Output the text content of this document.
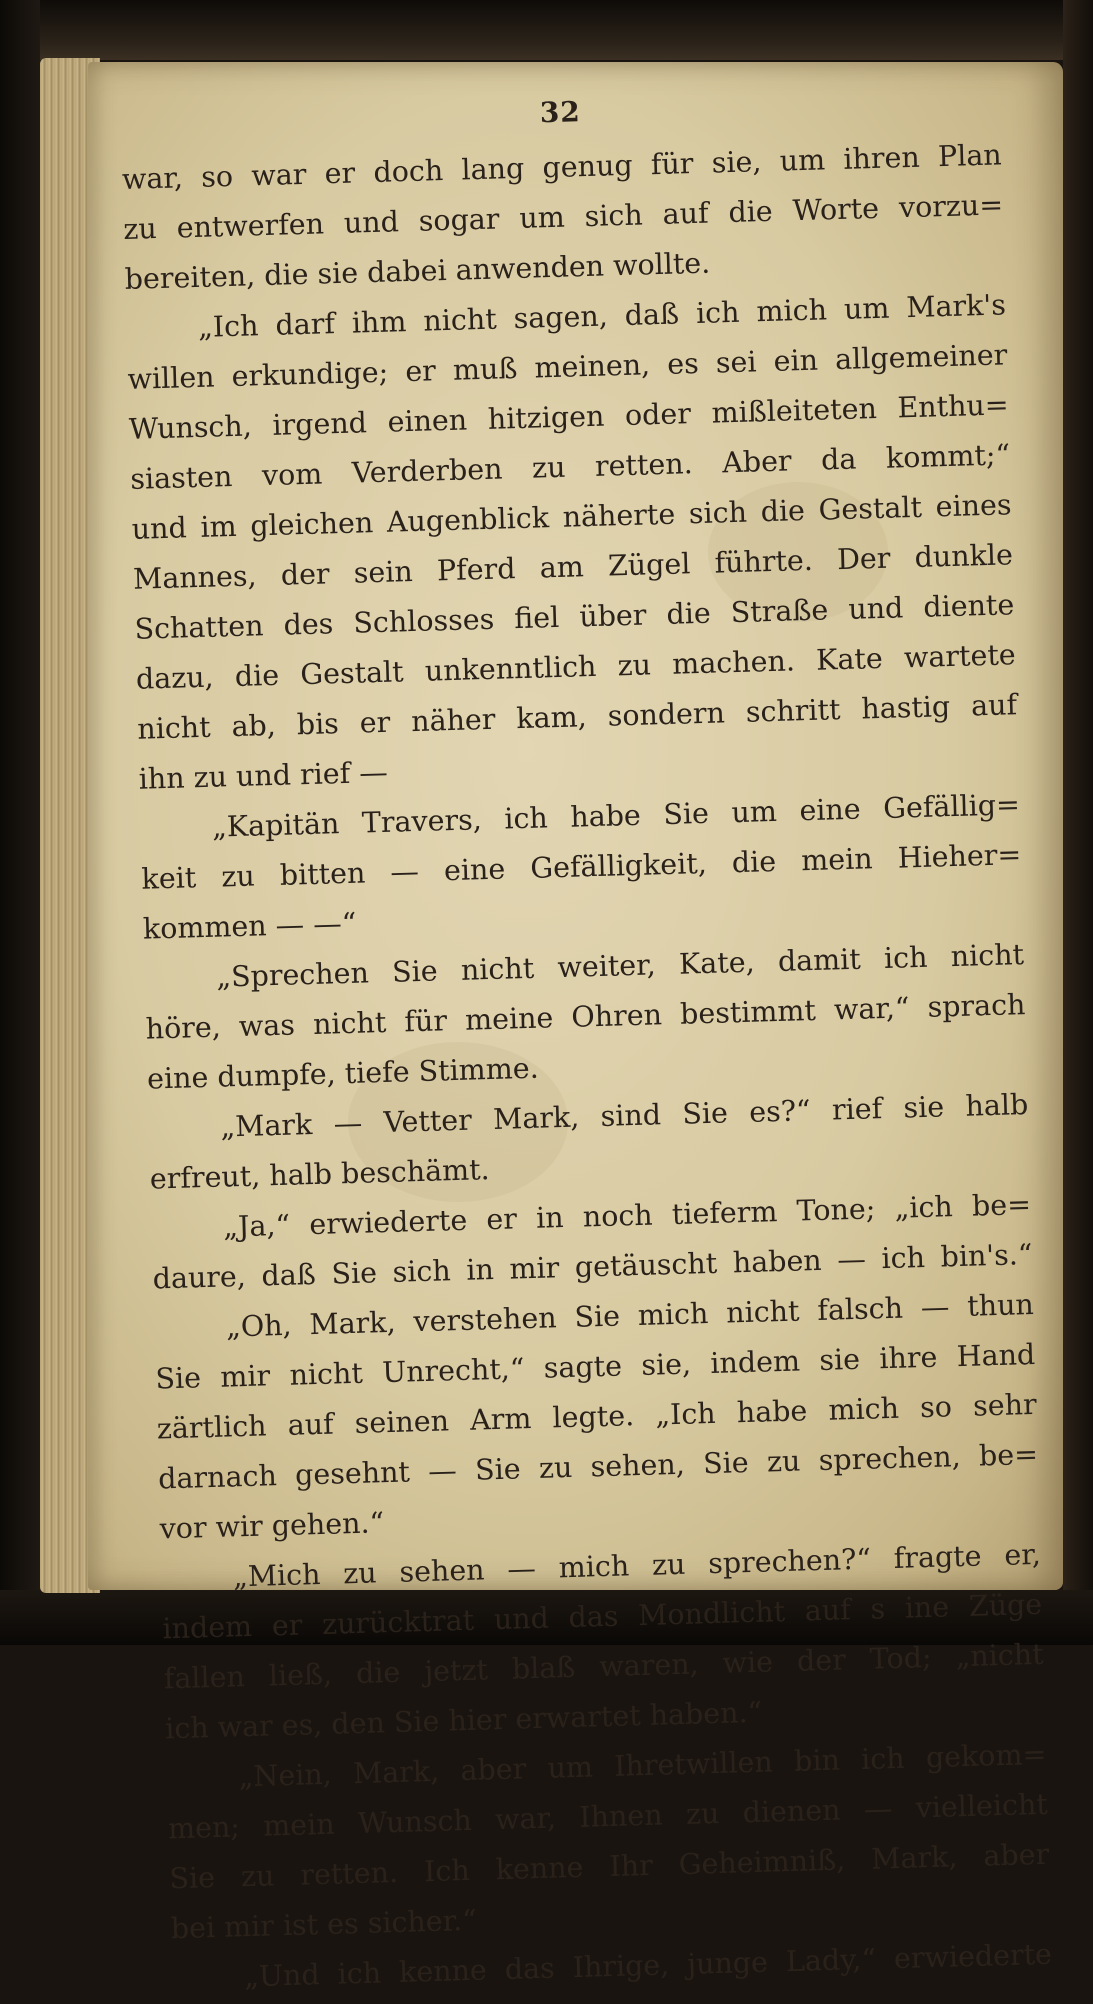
32
war, so war er doch lang genug für sie, um ihren Plan
zu entwerfen und sogar um sich auf die Worte vorzu=
bereiten, die sie dabei anwenden wollte.
„Ich darf ihm nicht sagen, daß ich mich um Mark's
willen erkundige; er muß meinen, es sei ein allgemeiner
Wunsch, irgend einen hitzigen oder mißleiteten Enthu=
siasten vom Verderben zu retten. Aber da kommt;“
und im gleichen Augenblick näherte sich die Gestalt eines
Mannes, der sein Pferd am Zügel führte. Der dunkle
Schatten des Schlosses fiel über die Straße und diente
dazu, die Gestalt unkenntlich zu machen. Kate wartete
nicht ab, bis er näher kam, sondern schritt hastig auf
ihn zu und rief —
„Kapitän Travers, ich habe Sie um eine Gefällig=
keit zu bitten — eine Gefälligkeit, die mein Hieher=
kommen — —“
„Sprechen Sie nicht weiter, Kate, damit ich nicht
höre, was nicht für meine Ohren bestimmt war,“ sprach
eine dumpfe, tiefe Stimme.
„Mark — Vetter Mark, sind Sie es?“ rief sie halb
erfreut, halb beschämt.
„Ja,“ erwiederte er in noch tieferm Tone; „ich be=
daure, daß Sie sich in mir getäuscht haben — ich bin's.“
„Oh, Mark, verstehen Sie mich nicht falsch — thun
Sie mir nicht Unrecht,“ sagte sie, indem sie ihre Hand
zärtlich auf seinen Arm legte. „Ich habe mich so sehr
darnach gesehnt — Sie zu sehen, Sie zu sprechen, be=
vor wir gehen.“
„Mich zu sehen — mich zu sprechen?“ fragte er,
indem er zurücktrat und das Mondlicht auf s ine Züge
fallen ließ, die jetzt blaß waren, wie der Tod; „nicht
ich war es, den Sie hier erwartet haben.“
„Nein, Mark, aber um Ihretwillen bin ich gekom=
men; mein Wunsch war, Ihnen zu dienen — vielleicht
Sie zu retten. Ich kenne Ihr Geheimniß, Mark, aber
bei mir ist es sicher.“
„Und ich kenne das Ihrige, junge Lady,“ erwiederte
